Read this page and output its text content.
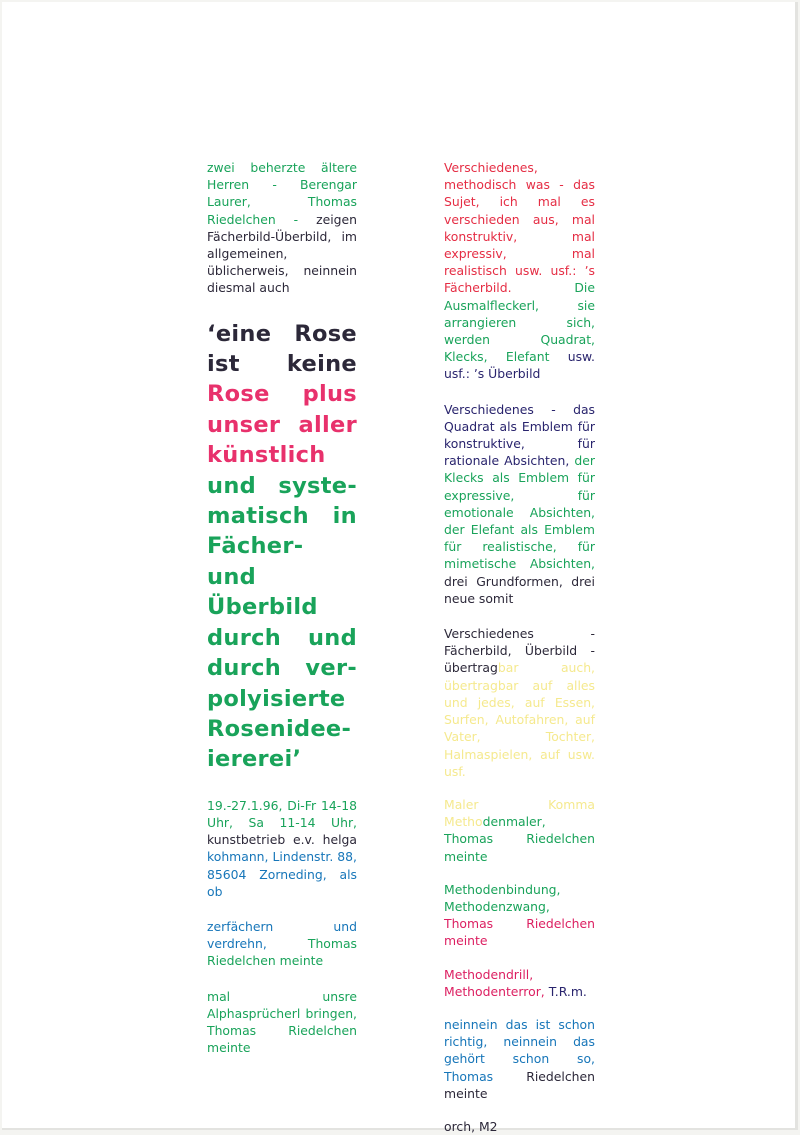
zwei beherzte ältere Herren - Berengar Laurer, Thomas Riedelchen - zeigen Fächerbild-Überbild, im allgemeinen, üblicherweis, neinnein diesmal auch

‘eine Rose
ist keine
Rose plus
unser aller
künstlich
und syste-
matisch in
Fächer- und
Überbild
durch und
durch ver-
polyisierte
Rosenidee-
ierereiʼ

19.-27.1.96, Di-Fr 14-18 Uhr, Sa 11-14 Uhr, kunstbetrieb e.v. helga kohmann, Lindenstr. 88, 85604 Zorneding, als ob

zerfächern und verdrehn, Thomas Riedelchen meinte

mal unsre Alphasprücherl bringen, Thomas Riedelchen meinte

Verschiedenes, methodisch was - das Sujet, ich mal es verschieden aus, mal konstruktiv, mal expressiv, mal realistisch usw. usf.: ʼs Fächerbild. Die Ausmalfleckerl, sie arrangieren sich, werden Quadrat, Klecks, Elefant usw. usf.: ʼs Überbild

Verschiedenes - das Quadrat als Emblem für konstruktive, für rationale Absichten, der Klecks als Emblem für expressive, für emotionale Absichten, der Elefant als Emblem für realistische, für mimetische Absichten, drei Grundformen, drei neue somit

Verschiedenes - Fächerbild, Überbild - übertragbar auch, übertragbar auf alles und jedes, auf Essen, Surfen, Autofahren, auf Vater, Tochter, Halmaspielen, auf usw. usf.

Maler Komma Methodenmaler, Thomas Riedelchen meinte

Methodenbindung, Methodenzwang, Thomas Riedelchen meinte

Methodendrill, Methodenterror, T.R.m.

neinnein das ist schon richtig, neinnein das gehört schon so, Thomas Riedelchen meinte

orch, M2
